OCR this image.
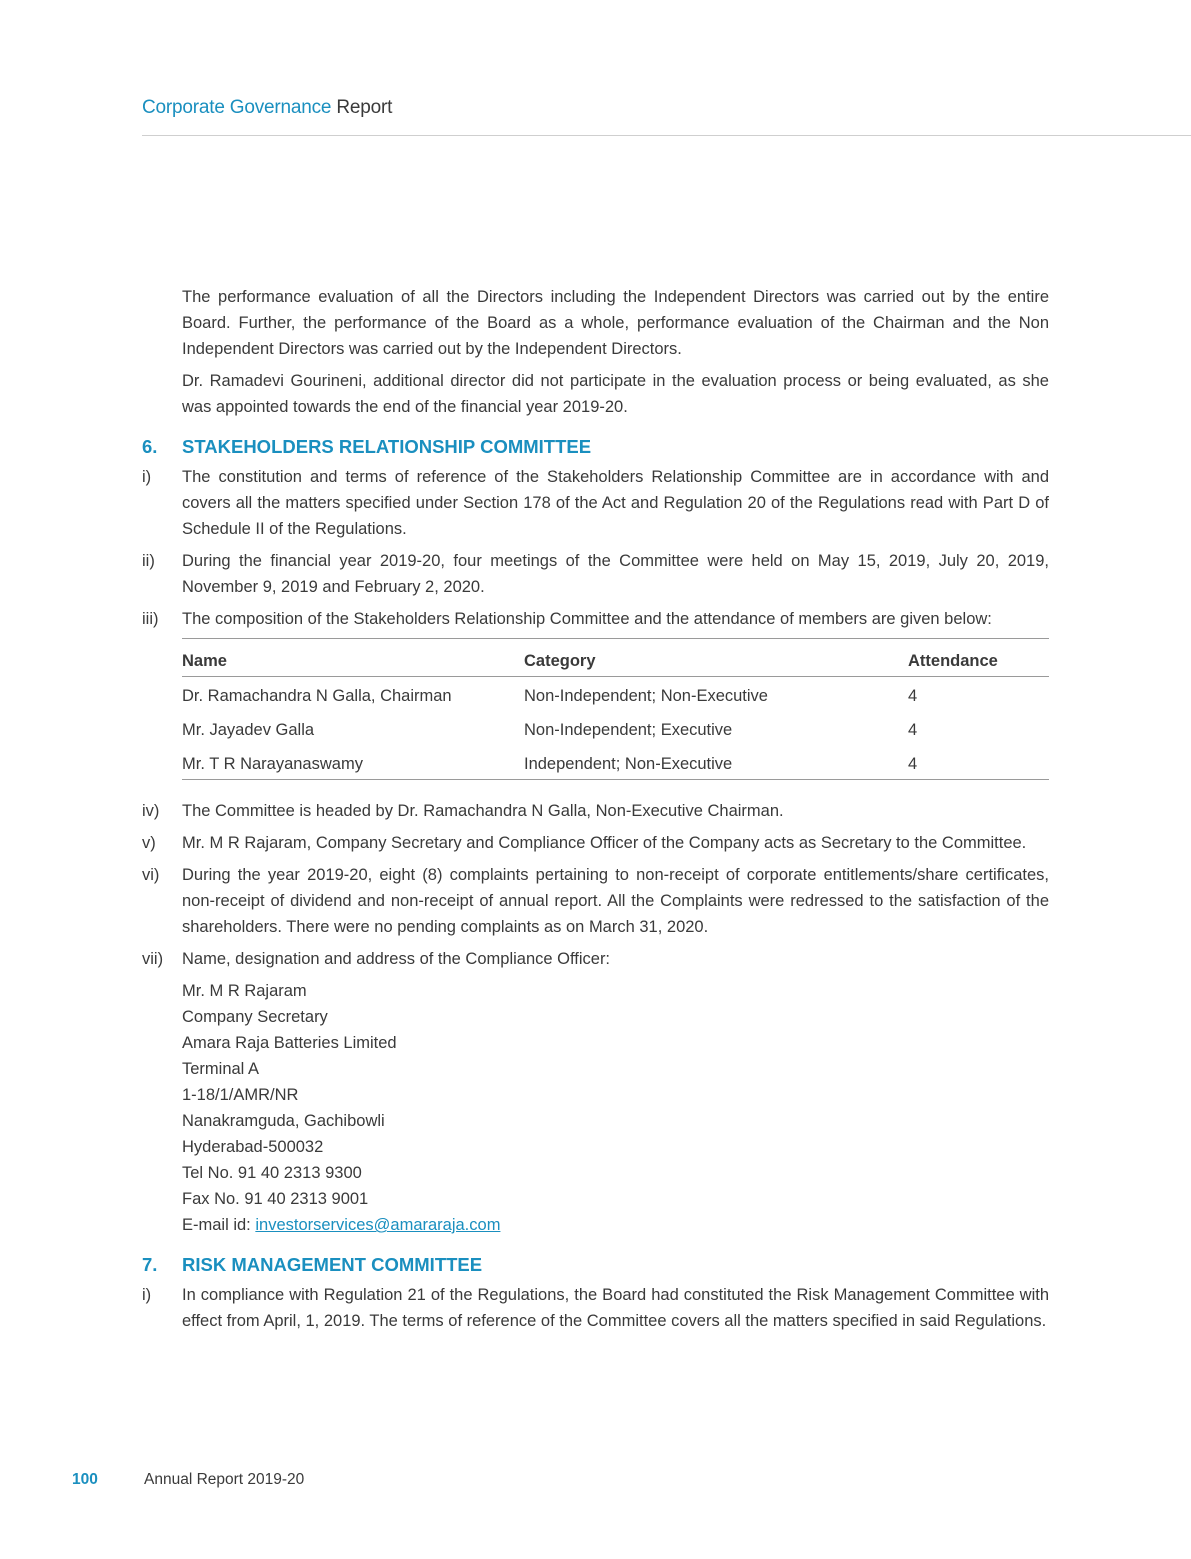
Corporate Governance Report

The performance evaluation of all the Directors including the Independent Directors was carried out by the entire Board. Further, the performance of the Board as a whole, performance evaluation of the Chairman and the Non Independent Directors was carried out by the Independent Directors.

Dr. Ramadevi Gourineni, additional director did not participate in the evaluation process or being evaluated, as she was appointed towards the end of the financial year 2019-20.

6.	STAKEHOLDERS RELATIONSHIP COMMITTEE
i)	The constitution and terms of reference of the Stakeholders Relationship Committee are in accordance with and covers all the matters specified under Section 178 of the Act and Regulation 20 of the Regulations read with Part D of Schedule II of the Regulations.
ii)	During the financial year 2019-20, four meetings of the Committee were held on May 15, 2019, July 20, 2019, November 9, 2019 and February 2, 2020.
iii)	The composition of the Stakeholders Relationship Committee and the attendance of members are given below:
Name	Category	Attendance
Dr. Ramachandra N Galla, Chairman	Non-Independent; Non-Executive	4
Mr. Jayadev Galla	Non-Independent; Executive	4
Mr. T R Narayanaswamy	Independent; Non-Executive	4
iv)	The Committee is headed by Dr. Ramachandra N Galla, Non-Executive Chairman.
v)	Mr. M R Rajaram, Company Secretary and Compliance Officer of the Company acts as Secretary to the Committee.
vi)	During the year 2019-20, eight (8) complaints pertaining to non-receipt of corporate entitlements/share certificates, non-receipt of dividend and non-receipt of annual report. All the Complaints were redressed to the satisfaction of the shareholders. There were no pending complaints as on March 31, 2020.
vii)	Name, designation and address of the Compliance Officer:
Mr. M R Rajaram
Company Secretary
Amara Raja Batteries Limited
Terminal A
1-18/1/AMR/NR
Nanakramguda, Gachibowli
Hyderabad-500032
Tel No. 91 40 2313 9300
Fax No. 91 40 2313 9001
E-mail id: investorservices@amararaja.com
7.	RISK MANAGEMENT COMMITTEE
i)	In compliance with Regulation 21 of the Regulations, the Board had constituted the Risk Management Committee with effect from April, 1, 2019. The terms of reference of the Committee covers all the matters specified in said Regulations.
100	Annual Report 2019-20
